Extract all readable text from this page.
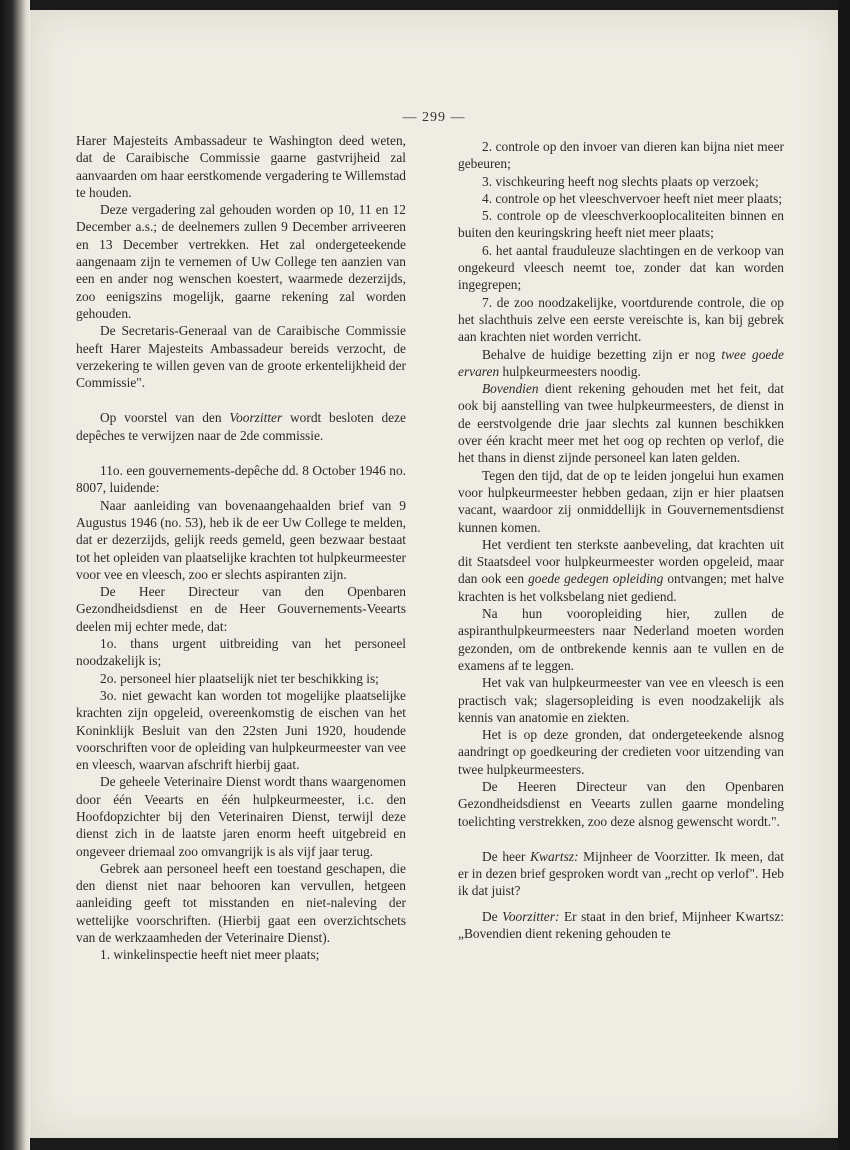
— 299 —

Harer Majesteits Ambassadeur te Washington deed weten, dat de Caraibische Commissie gaarne gastvrijheid zal aanvaarden om haar eerstkomende vergadering te Willemstad te houden.

Deze vergadering zal gehouden worden op 10, 11 en 12 December a.s.; de deelnemers zullen 9 December arriveeren en 13 December vertrekken. Het zal ondergeteekende aangenaam zijn te vernemen of Uw College ten aanzien van een en ander nog wenschen koestert, waarmede dezerzijds, zoo eenigszins mogelijk, gaarne rekening zal worden gehouden.

De Secretaris-Generaal van de Caraibische Commissie heeft Harer Majesteits Ambassadeur bereids verzocht, de verzekering te willen geven van de groote erkentelijkheid der Commissie".

Op voorstel van den Voorzitter wordt besloten deze depêches te verwijzen naar de 2de commissie.

11o. een gouvernements-depêche dd. 8 October 1946 no. 8007, luidende:

Naar aanleiding van bovenaangehaalden brief van 9 Augustus 1946 (no. 53), heb ik de eer Uw College te melden, dat er dezerzijds, gelijk reeds gemeld, geen bezwaar bestaat tot het opleiden van plaatselijke krachten tot hulpkeurmeester voor vee en vleesch, zoo er slechts aspiranten zijn.

De Heer Directeur van den Openbaren Gezondheidsdienst en de Heer Gouvernements-Veearts deelen mij echter mede, dat:

1o. thans urgent uitbreiding van het personeel noodzakelijk is;

2o. personeel hier plaatselijk niet ter beschikking is;

3o. niet gewacht kan worden tot mogelijke plaatselijke krachten zijn opgeleid, overeenkomstig de eischen van het Koninklijk Besluit van den 22sten Juni 1920, houdende voorschriften voor de opleiding van hulpkeurmeester van vee en vleesch, waarvan afschrift hierbij gaat.

De geheele Veterinaire Dienst wordt thans waargenomen door één Veearts en één hulpkeurmeester, i.c. den Hoofdopzichter bij den Veterinairen Dienst, terwijl deze dienst zich in de laatste jaren enorm heeft uitgebreid en ongeveer driemaal zoo omvangrijk is als vijf jaar terug.

Gebrek aan personeel heeft een toestand geschapen, die den dienst niet naar behooren kan vervullen, hetgeen aanleiding geeft tot misstanden en niet-naleving der wettelijke voorschriften. (Hierbij gaat een overzichtschets van de werkzaamheden der Veterinaire Dienst).

1. winkelinspectie heeft niet meer plaats;

2. controle op den invoer van dieren kan bijna niet meer gebeuren;

3. vischkeuring heeft nog slechts plaats op verzoek;

4. controle op het vleeschvervoer heeft niet meer plaats;

5. controle op de vleeschverkooplocaliteiten binnen en buiten den keuringskring heeft niet meer plaats;

6. het aantal frauduleuze slachtingen en de verkoop van ongekeurd vleesch neemt toe, zonder dat kan worden ingegrepen;

7. de zoo noodzakelijke, voortdurende controle, die op het slachthuis zelve een eerste vereischte is, kan bij gebrek aan krachten niet worden verricht.

Behalve de huidige bezetting zijn er nog twee goede ervaren hulpkeurmeesters noodig.

Bovendien dient rekening gehouden met het feit, dat ook bij aanstelling van twee hulpkeurmeesters, de dienst in de eerstvolgende drie jaar slechts zal kunnen beschikken over één kracht meer met het oog op rechten op verlof, die het thans in dienst zijnde personeel kan laten gelden.

Tegen den tijd, dat de op te leiden jongelui hun examen voor hulpkeurmeester hebben gedaan, zijn er hier plaatsen vacant, waardoor zij onmiddellijk in Gouvernementsdienst kunnen komen.

Het verdient ten sterkste aanbeveling, dat krachten uit dit Staatsdeel voor hulpkeurmeester worden opgeleid, maar dan ook een goede gedegen opleiding ontvangen; met halve krachten is het volksbelang niet gediend.

Na hun vooropleiding hier, zullen de aspiranthulpkeurmeesters naar Nederland moeten worden gezonden, om de ontbrekende kennis aan te vullen en de examens af te leggen.

Het vak van hulpkeurmeester van vee en vleesch is een practisch vak; slagersopleiding is even noodzakelijk als kennis van anatomie en ziekten.

Het is op deze gronden, dat ondergeteekende alsnog aandringt op goedkeuring der credieten voor uitzending van twee hulpkeurmeesters.

De Heeren Directeur van den Openbaren Gezondheidsdienst en Veearts zullen gaarne mondeling toelichting verstrekken, zoo deze alsnog gewenscht wordt.".

De heer Kwartsz: Mijnheer de Voorzitter. Ik meen, dat er in dezen brief gesproken wordt van „recht op verlof". Heb ik dat juist?

De Voorzitter: Er staat in den brief, Mijnheer Kwartsz: „Bovendien dient rekening gehouden te
